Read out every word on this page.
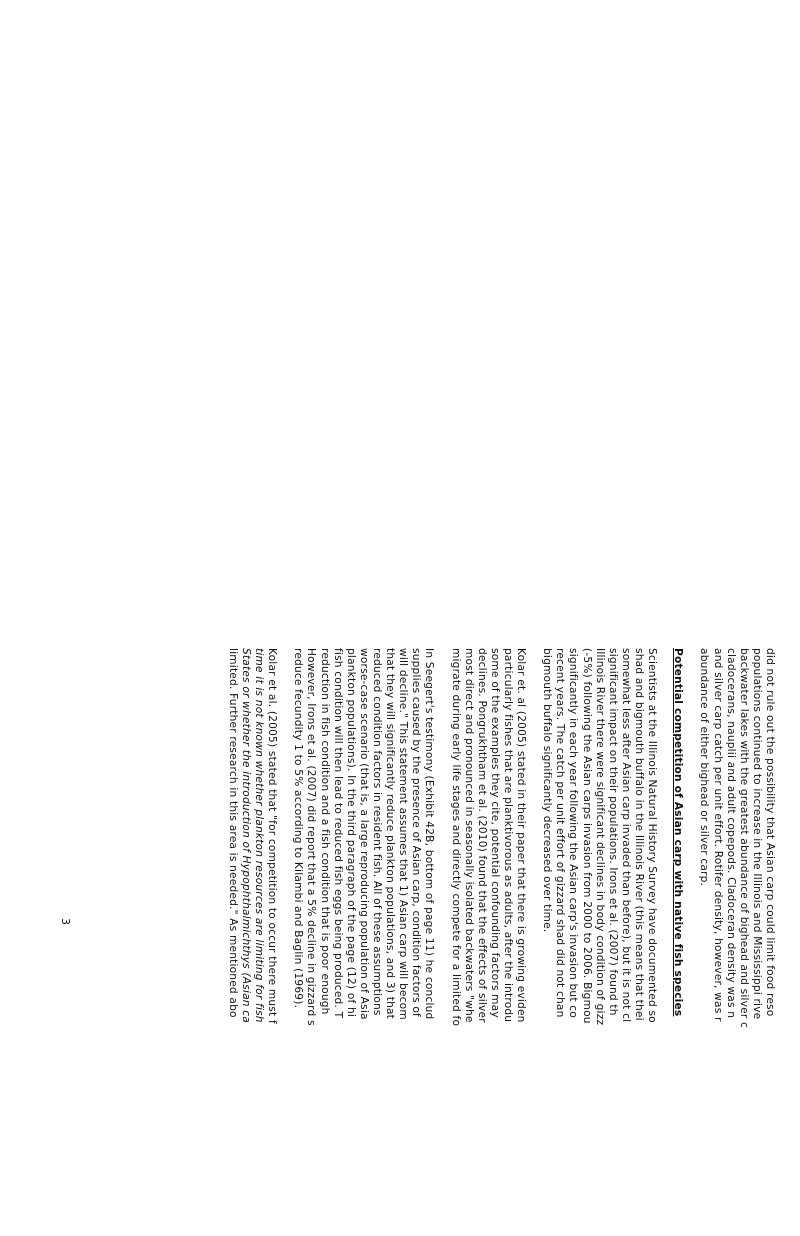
did not rule out the possibility that Asian carp could limit food reso
populations continued to increase in the Illinois and Mississippi rive
backwater lakes with the greatest abundance of bighead and silver c
cladocerans, nauplii and adult copepods. Cladoceran density was n
and silver carp catch per unit effort. Rotifer density, however, was r
abundance of either bighead or silver carp.
Potential competition of Asian carp with native fish species
Scientists at the Illinois Natural History Survey have documented so
shad and bigmouth buffalo in the Illinois River (this means that thei
somewhat less after Asian carp invaded than before), but it is not cl
significant impact on their populations. Irons et al. (2007) found th
Illinois River there were significant declines in body condition of gizz
(-5%) following the Asian carps invasion from 2000 to 2006. Bigmou
significantly in each year following the Asian carp's invasion but co
recent years. The catch per unit effort of gizzard shad did not chan
bigmouth buffalo significantly decreased over time.
Kolar et. al (2005) stated in their paper that there is growing eviden
particularly fishes that are planktivorous as adults, after the introdu
some of the examples they cite, potential confounding factors may
declines. Pongrukhtham et al. (2010) found that the effects of silver
most direct and pronounced in seasonally isolated backwaters "whe
migrate during early life stages and directly compete for a limited fo
In Seegert's testimony (Exhibit 42B, bottom of page 11) he conclud
supplies caused by the presence of Asian carp, condition factors of
will decline." This statement assumes that 1) Asian carp will becom
that they will significantly reduce plankton populations, and 3) that
reduced condition factors in resident fish. All of these assumptions
worse-case scenario (that is, a large reproducing population of Asia
plankton populations). In the third paragraph of the page (12) of hi
fish condition will then lead to reduced fish eggs being produced. T
reduction in fish condition and a fish condition that is poor enough
However, Irons et al. (2007) did report that a 5% decline in gizzard s
reduce fecundity 1 to 5% according to Kilambi and Baglin (1969).
Kolar et al. (2005) stated that "for competition to occur there must f
time it is not known whether plankton resources are limiting for fish
States or whether the introduction of Hypophthalmichthys (Asian ca
limited. Further research in this area is needed." As mentioned abo
3
